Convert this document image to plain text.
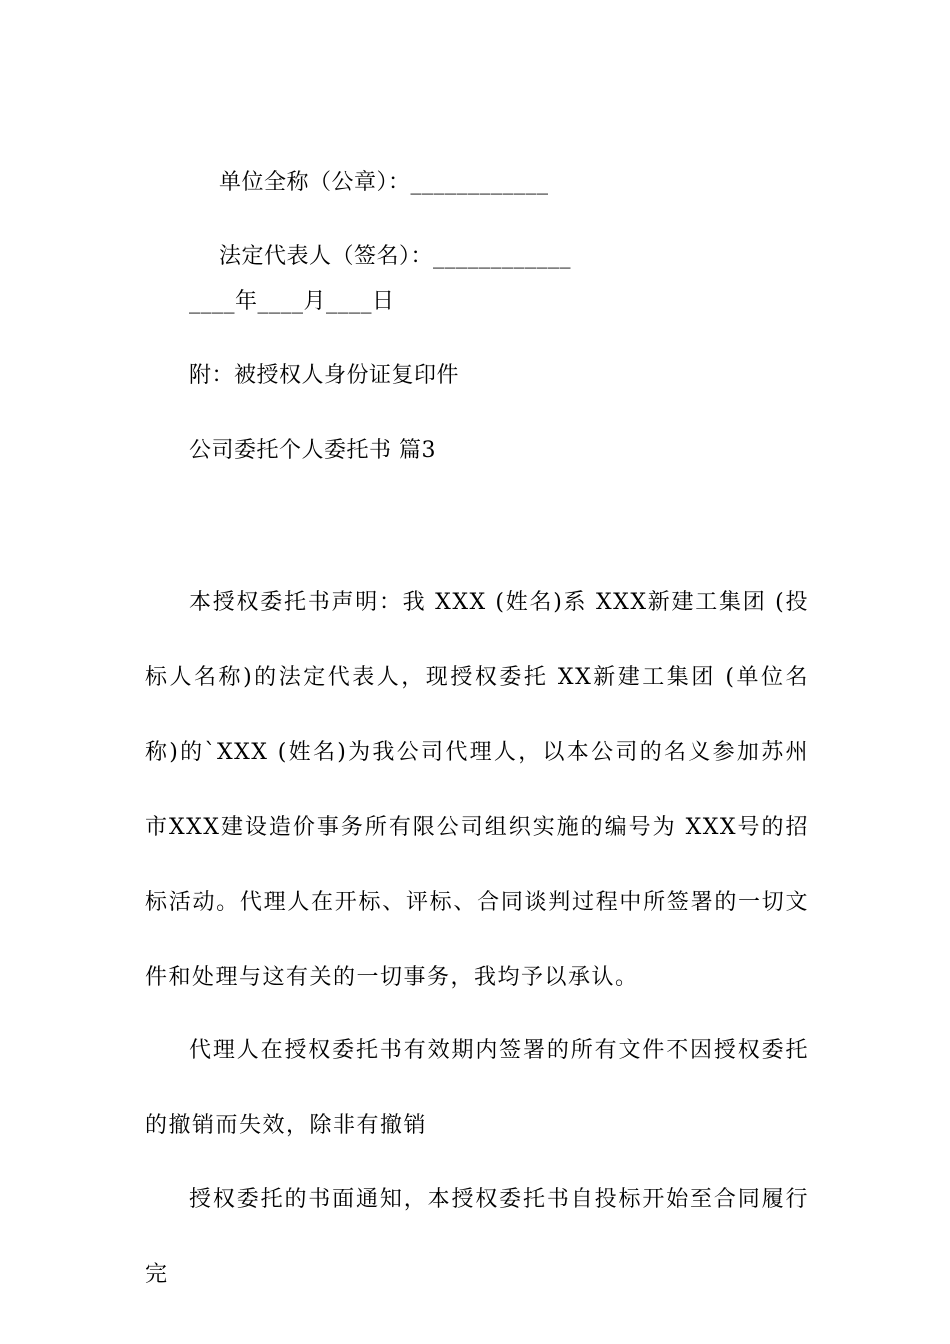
单位全称（公章）：____________

法定代表人（签名）：____________

____年____月____日
附：被授权人身份证复印件
公司委托个人委托书 篇3
本授权委托书声明：我 XXX (姓名)系 XXX新建工集团 (投标人名称)的法定代表人，现授权委托 XX新建工集团 (单位名称)的`XXX (姓名)为我公司代理人，以本公司的名义参加苏州市XXX建设造价事务所有限公司组织实施的编号为 XXX号的招标活动。代理人在开标、评标、合同谈判过程中所签署的一切文件和处理与这有关的一切事务，我均予以承认。
代理人在授权委托书有效期内签署的所有文件不因授权委托的撤销而失效，除非有撤销
授权委托的书面通知，本授权委托书自投标开始至合同履行完
